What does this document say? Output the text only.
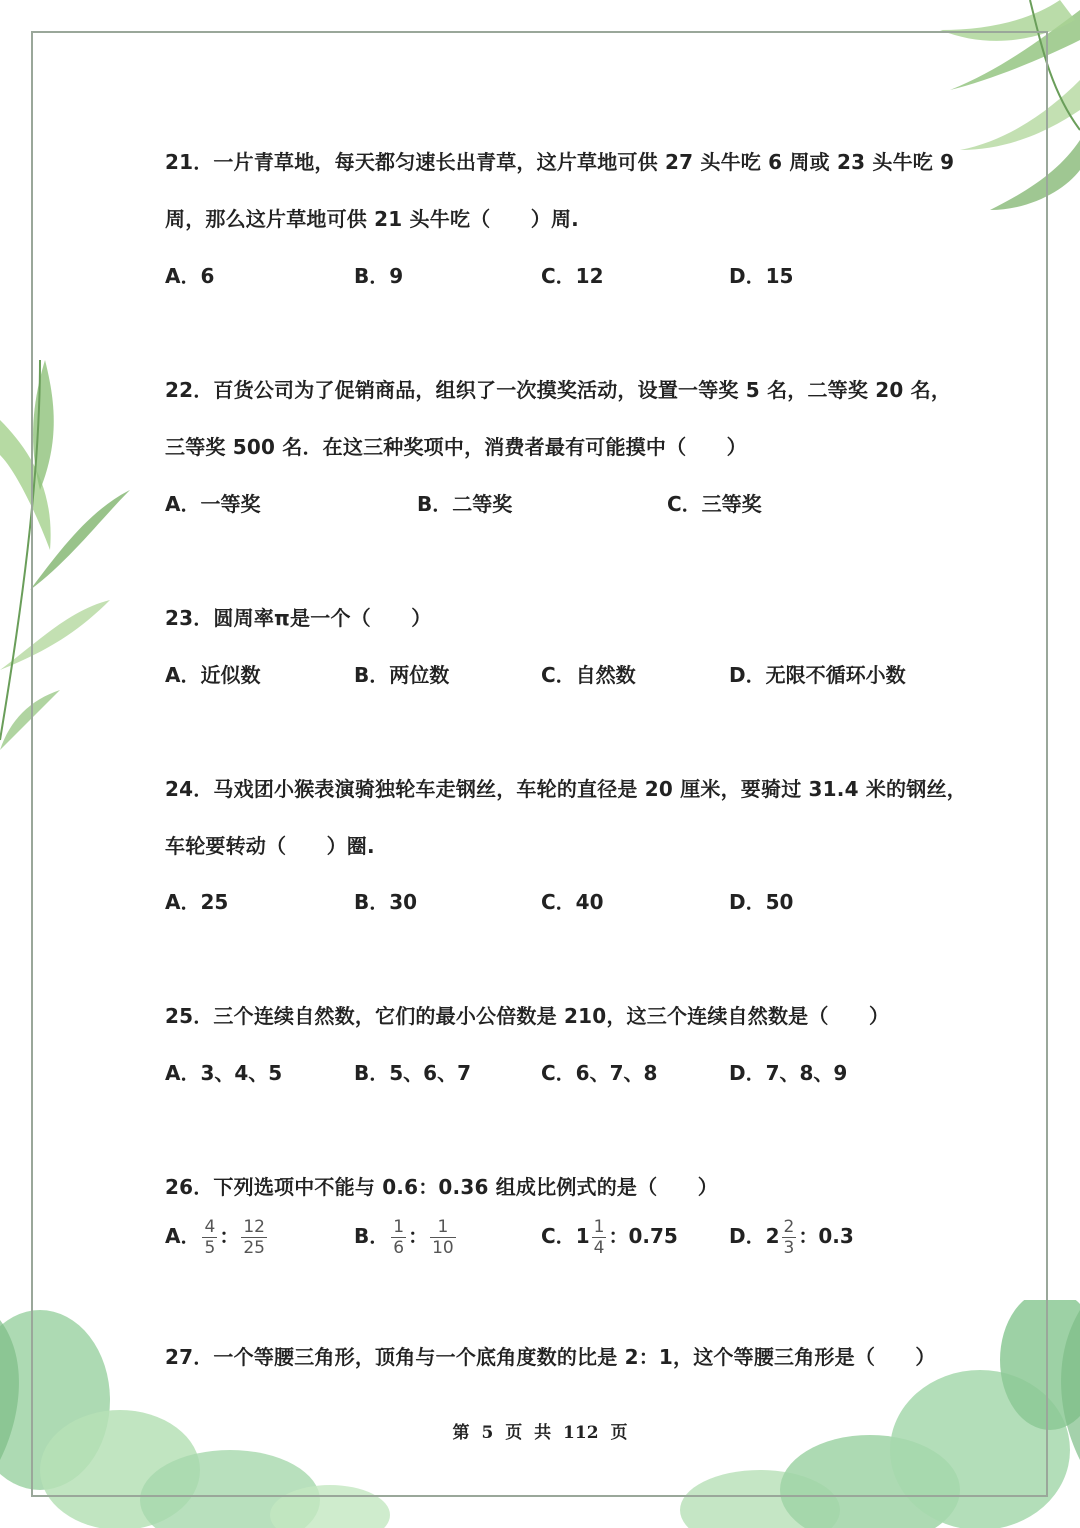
21．一片青草地，每天都匀速长出青草，这片草地可供 27 头牛吃 6 周或 23 头牛吃 9
周，那么这片草地可供 21 头牛吃（　　）周.
A．6	B．9	C．12	D．15
22．百货公司为了促销商品，组织了一次摸奖活动，设置一等奖 5 名，二等奖 20 名，
三等奖 500 名．在这三种奖项中，消费者最有可能摸中（　　）
A．一等奖	B．二等奖	C．三等奖
23．圆周率π是一个（　　）
A．近似数	B．两位数	C．自然数	D．无限不循环小数
24．马戏团小猴表演骑独轮车走钢丝，车轮的直径是 20 厘米，要骑过 31.4 米的钢丝，
车轮要转动（　　）圈.
A．25	B．30	C．40	D．50
25．三个连续自然数，它们的最小公倍数是 210，这三个连续自然数是（　　）
A．3、4、5	B．5、6、7	C．6、7、8	D．7、8、9
26．下列选项中不能与 0.6：0.36 组成比例式的是（　　）
A． $\frac{4}{5}$ ： $\frac{12}{25}$	B． $\frac{1}{6}$ ： $\frac{1}{10}$	C．$1 \frac{1}{4}$ ：0.75	D．$2 \frac{2}{3}$ ：0.3
27．一个等腰三角形，顶角与一个底角度数的比是 2：1，这个等腰三角形是（　　）
第 5 页 共 112 页
